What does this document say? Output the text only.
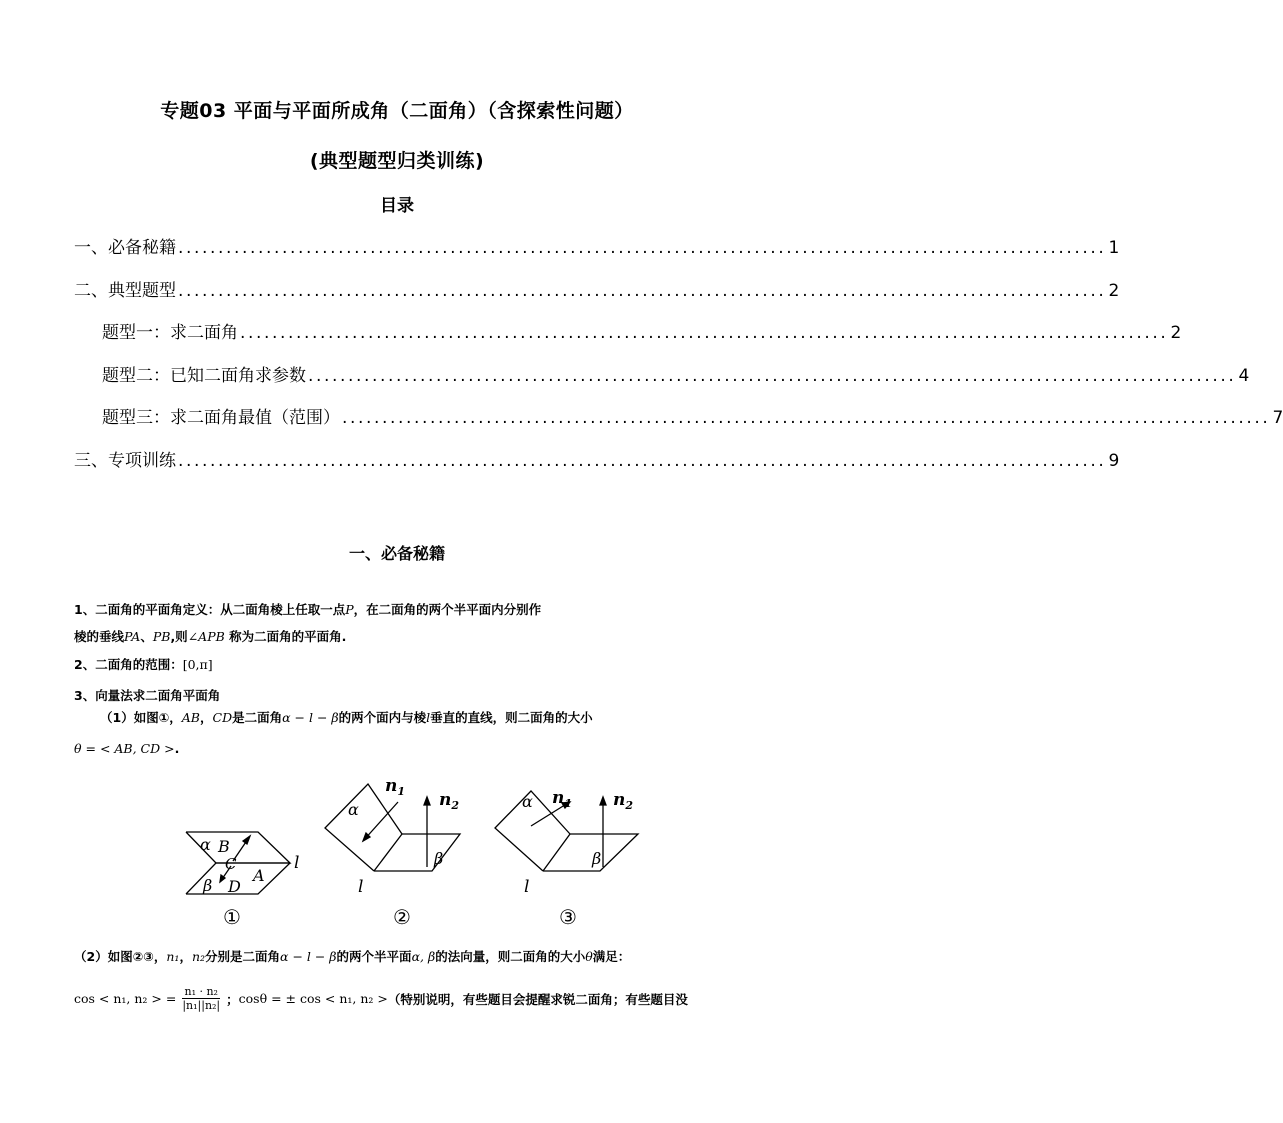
专题03 平面与平面所成角（二面角）（含探索性问题）
(典型题型归类训练)
目录
一、必备秘籍 .................................................................................................................... 1
二、典型题型 .................................................................................................................... 2
题型一：求二面角 .................................................................................................................... 2
题型二：已知二面角求参数 .................................................................................................................... 4
题型三：求二面角最值（范围） .................................................................................................................... 7
三、专项训练 .................................................................................................................... 9
一、必备秘籍
1、二面角的平面角定义：从二面角棱上任取一点P，在二面角的两个半平面内分别作
棱的垂线PA、PB,则∠APB 称为二面角的平面角.
2、二面角的范围：[0,π]
3、向量法求二面角平面角
（1）如图①，AB，CD是二面角α − l − β的两个面内与棱l垂直的直线，则二面角的大小
θ = < AB, CD >.
α B
C
β D
A
l
①
$n_1$ $n_2$
α
β
l
②
$n_1$ $n_2$
α
β
l
③
（2）如图②③，n₁，n₂分别是二面角α − l − β的两个半平面α, β的法向量，则二面角的大小θ满足：
cos < n₁, n₂ > = $\frac{\text{n₁ · n₂}}{\text{|n₁||n₂|}}$ ； cosθ = ± cos < n₁, n₂ > （特别说明，有些题目会提醒求锐二面角；有些题目没
